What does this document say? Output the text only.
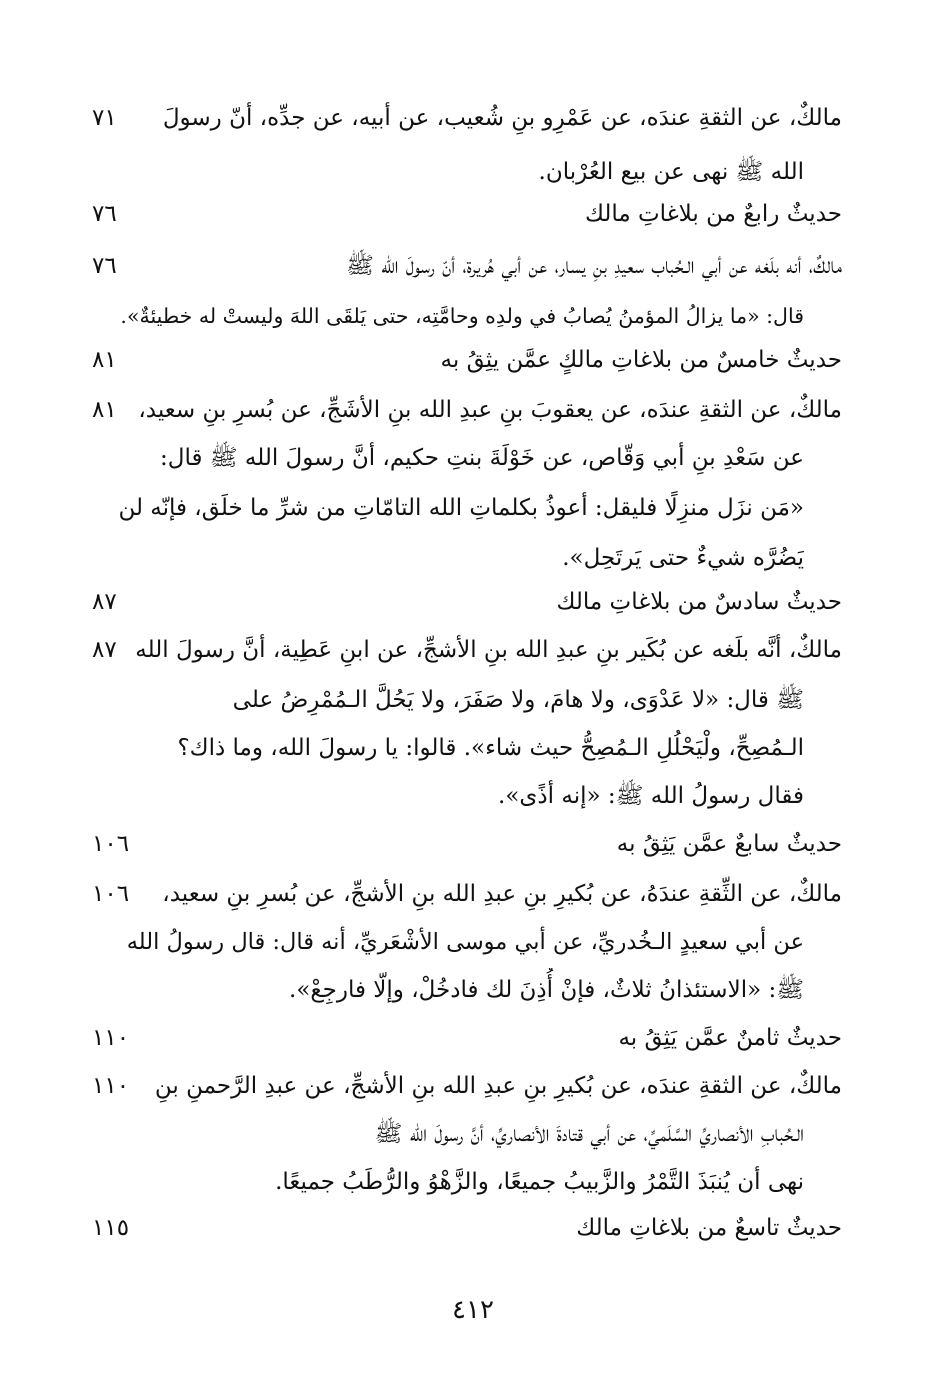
مالكٌ، عن الثقةِ عندَه، عن عَمْرِو بنِ شُعيب، عن أبيه، عن جدِّه، أنّ رسولَ
٧١
الله ﷺ نهى عن بيع العُرْبان.
حديثٌ رابعٌ من بلاغاتِ مالك
٧٦
مالكٌ، أنه بلَغه عن أبي الـحُباب سعيدِ بنِ يسار، عن أبي هُريرة، أنّ رسولَ الله ﷺ
٧٦
قال: «ما يزالُ المؤمنُ يُصابُ في ولدِه وحامَّتِه، حتى يَلقَى اللهَ وليستْ له خطيئةٌ».
حديثٌ خامسٌ من بلاغاتِ مالكٍ عمَّن يثِقُ به
٨١
مالكٌ، عن الثقةِ عندَه، عن يعقوبَ بنِ عبدِ الله بنِ الأشَجِّ، عن بُسرِ بنِ سعيد،
٨١
عن سَعْدِ بنِ أبي وَقّاص، عن خَوْلَةَ بنتِ حكيم، أنَّ رسولَ الله ﷺ قال:
«مَن نزَل منزِلًا فليقل: أعوذُ بكلماتِ الله التامّاتِ من شرِّ ما خلَق، فإنّه لن
يَضُرَّه شيءٌ حتى يَرتَحِل».
حديثٌ سادسٌ من بلاغاتِ مالك
٨٧
مالكٌ، أنَّه بلَغه عن بُكَير بنِ عبدِ الله بنِ الأشجِّ، عن ابنِ عَطِية، أنَّ رسولَ الله
٨٧
ﷺ قال: «لا عَدْوَى، ولا هامَ، ولا صَفَرَ، ولا يَحُلَّ الـمُمْرِضُ على
الـمُصِحِّ، ولْيَحْلُلِ الـمُصِحُّ حيث شاء». قالوا: يا رسولَ الله، وما ذاك؟
فقال رسولُ الله ﷺ: «إنه أذًى».
حديثٌ سابعٌ عمَّن يَثِقُ به
١٠٦
مالكٌ، عن الثِّقةِ عندَهُ، عن بُكيرِ بنِ عبدِ الله بنِ الأشجِّ، عن بُسرِ بنِ سعيد،
١٠٦
عن أبي سعيدٍ الـخُدريِّ، عن أبي موسى الأشْعَريِّ، أنه قال: قال رسولُ الله
ﷺ: «الاستئذانُ ثلاثٌ، فإنْ أُذِنَ لك فادخُلْ، وإلّا فارجِعْ».
حديثٌ ثامنٌ عمَّن يَثِقُ به
١١٠
مالكٌ، عن الثقةِ عندَه، عن بُكيرِ بنِ عبدِ الله بنِ الأشجِّ، عن عبدِ الرَّحمنِ بنِ
١١٠
الـحُبابِ الأنصاريِّ السَّلَميِّ، عن أبي قتادةَ الأنصاريِّ، أنَّ رسولَ الله ﷺ
نهى أن يُنبَذَ التَّمْرُ والزَّبيبُ جميعًا، والزَّهْوُ والرُّطَبُ جميعًا.
حديثٌ تاسعٌ من بلاغاتِ مالك
١١٥
٤١٢
